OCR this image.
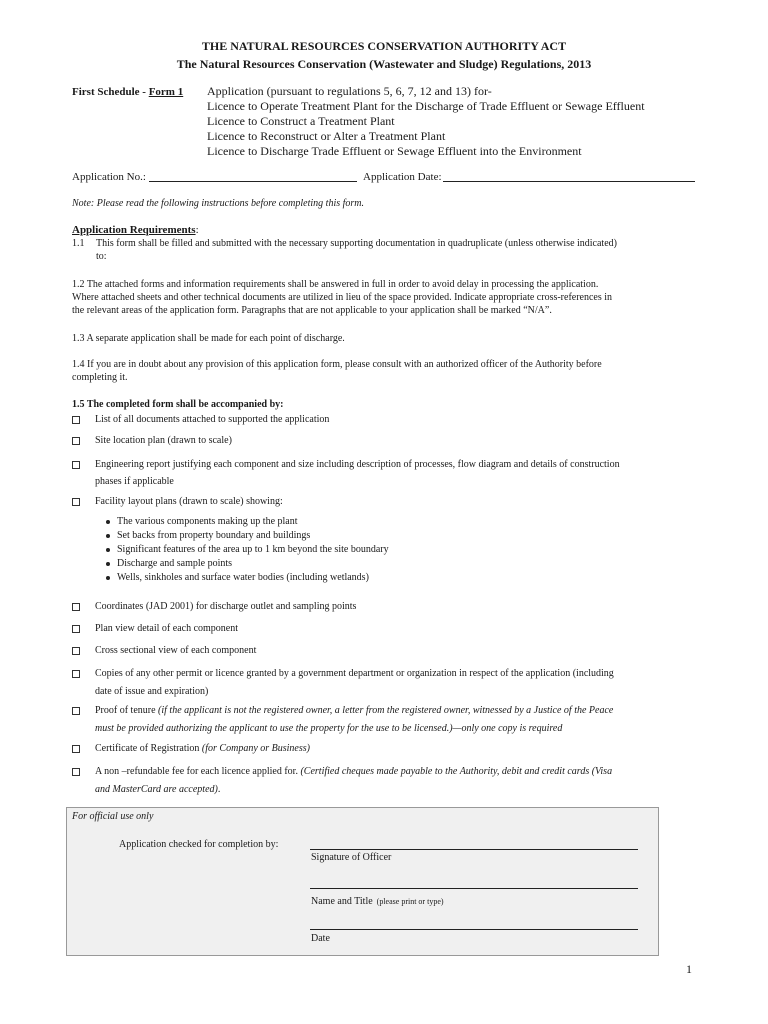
THE NATURAL RESOURCES CONSERVATION AUTHORITY ACT
The Natural Resources Conservation (Wastewater and Sludge) Regulations, 2013
First Schedule - Form 1 Application (pursuant to regulations 5, 6, 7, 12 and 13) for-
Licence to Operate Treatment Plant for the Discharge of Trade Effluent or Sewage Effluent
Licence to Construct a Treatment Plant
Licence to Reconstruct or Alter a Treatment Plant
Licence to Discharge Trade Effluent or Sewage Effluent into the Environment
Application No.:	Application Date:
Note: Please read the following instructions before completing this form.
Application Requirements:
1.1 This form shall be filled and submitted with the necessary supporting documentation in quadruplicate (unless otherwise indicated)
to:
1.2 The attached forms and information requirements shall be answered in full in order to avoid delay in processing the application.
Where attached sheets and other technical documents are utilized in lieu of the space provided. Indicate appropriate cross-references in
the relevant areas of the application form. Paragraphs that are not applicable to your application shall be marked “N/A”.
1.3 A separate application shall be made for each point of discharge.
1.4 If you are in doubt about any provision of this application form, please consult with an authorized officer of the Authority before
completing it.
1.5 The completed form shall be accompanied by:
List of all documents attached to supported the application
Site location plan (drawn to scale)
Engineering report justifying each component and size including description of processes, flow diagram and details of construction
phases if applicable
Facility layout plans (drawn to scale) showing:
The various components making up the plant
Set backs from property boundary and buildings
Significant features of the area up to 1 km beyond the site boundary
Discharge and sample points
Wells, sinkholes and surface water bodies (including wetlands)
Coordinates (JAD 2001) for discharge outlet and sampling points
Plan view detail of each component
Cross sectional view of each component
Copies of any other permit or licence granted by a government department or organization in respect of the application (including
date of issue and expiration)
Proof of tenure (if the applicant is not the registered owner, a letter from the registered owner, witnessed by a Justice of the Peace
must be provided authorizing the applicant to use the property for the use to be licensed.)—only one copy is required
Certificate of Registration (for Company or Business)
A non –refundable fee for each licence applied for. (Certified cheques made payable to the Authority, debit and credit cards (Visa
and MasterCard are accepted).
For official use only
Application checked for completion by:
Signature of Officer
Name and Title (please print or type)
Date
1
